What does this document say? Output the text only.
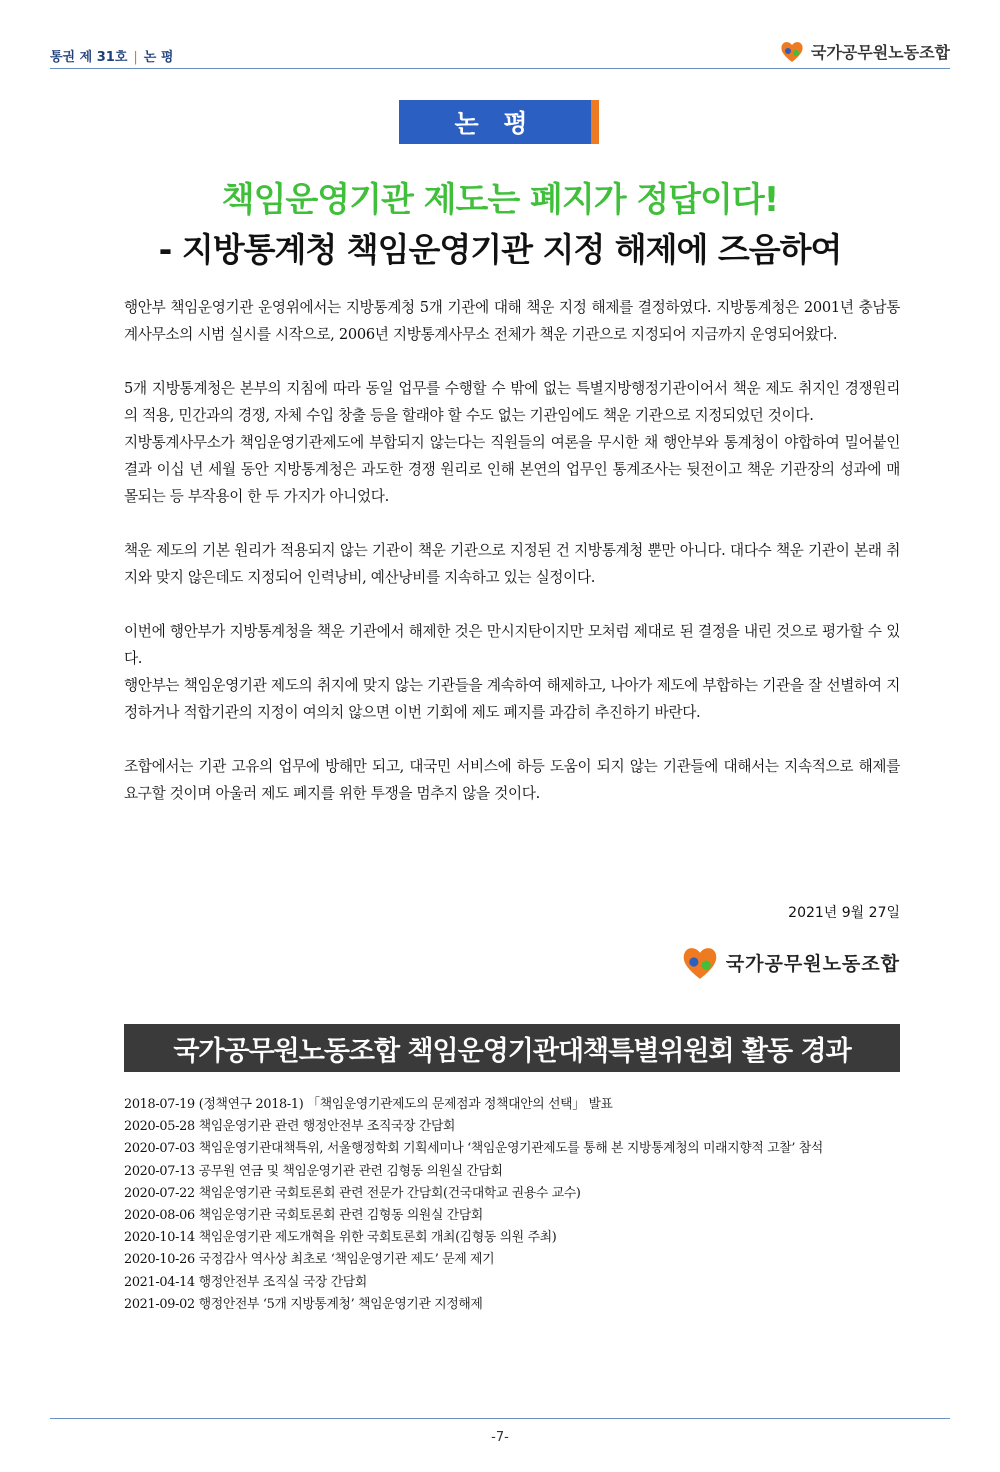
통권 제 31호 | 논 평	국가공무원노동조합
논 평
책임운영기관 제도는 폐지가 정답이다!
- 지방통계청 책임운영기관 지정 해제에 즈음하여

행안부 책임운영기관 운영위에서는 지방통계청 5개 기관에 대해 책운 지정 해제를 결정하였다. 지방통계청은 2001년 충남통계사무소의 시범 실시를 시작으로, 2006년 지방통계사무소 전체가 책운 기관으로 지정되어 지금까지 운영되어왔다.

5개 지방통계청은 본부의 지침에 따라 동일 업무를 수행할 수 밖에 없는 특별지방행정기관이어서 책운 제도 취지인 경쟁원리의 적용, 민간과의 경쟁, 자체 수입 창출 등을 할래야 할 수도 없는 기관임에도 책운 기관으로 지정되었던 것이다.

지방통계사무소가 책임운영기관제도에 부합되지 않는다는 직원들의 여론을 무시한 채 행안부와 통계청이 야합하여 밀어붙인 결과 이십 년 세월 동안 지방통계청은 과도한 경쟁 원리로 인해 본연의 업무인 통계조사는 뒷전이고 책운 기관장의 성과에 매몰되는 등 부작용이 한 두 가지가 아니었다.

책운 제도의 기본 원리가 적용되지 않는 기관이 책운 기관으로 지정된 건 지방통계청 뿐만 아니다. 대다수 책운 기관이 본래 취지와 맞지 않은데도 지정되어 인력낭비, 예산낭비를 지속하고 있는 실정이다.

이번에 행안부가 지방통계청을 책운 기관에서 해제한 것은 만시지탄이지만 모처럼 제대로 된 결정을 내린 것으로 평가할 수 있다.

행안부는 책임운영기관 제도의 취지에 맞지 않는 기관들을 계속하여 해제하고, 나아가 제도에 부합하는 기관을 잘 선별하여 지정하거나 적합기관의 지정이 여의치 않으면 이번 기회에 제도 폐지를 과감히 추진하기 바란다.

조합에서는 기관 고유의 업무에 방해만 되고, 대국민 서비스에 하등 도움이 되지 않는 기관들에 대해서는 지속적으로 해제를 요구할 것이며 아울러 제도 폐지를 위한 투쟁을 멈추지 않을 것이다.

2021년 9월 27일
국가공무원노동조합
국가공무원노동조합 책임운영기관대책특별위원회 활동 경과
2018-07-19 (정책연구 2018-1) 「책임운영기관제도의 문제점과 정책대안의 선택」 발표
2020-05-28 책임운영기관 관련 행정안전부 조직국장 간담회
2020-07-03 책임운영기관대책특위, 서울행정학회 기획세미나 ‘책임운영기관제도를 통해 본 지방통계청의 미래지향적 고찰’ 참석
2020-07-13 공무원 연금 및 책임운영기관 관련 김형동 의원실 간담회
2020-07-22 책임운영기관 국회토론회 관련 전문가 간담회(건국대학교 권용수 교수)
2020-08-06 책임운영기관 국회토론회 관련 김형동 의원실 간담회
2020-10-14 책임운영기관 제도개혁을 위한 국회토론회 개최(김형동 의원 주최)
2020-10-26 국정감사 역사상 최초로 ‘책임운영기관 제도’ 문제 제기
2021-04-14 행정안전부 조직실 국장 간담회
2021-09-02 행정안전부 ‘5개 지방통계청’ 책임운영기관 지정해제
-7-
